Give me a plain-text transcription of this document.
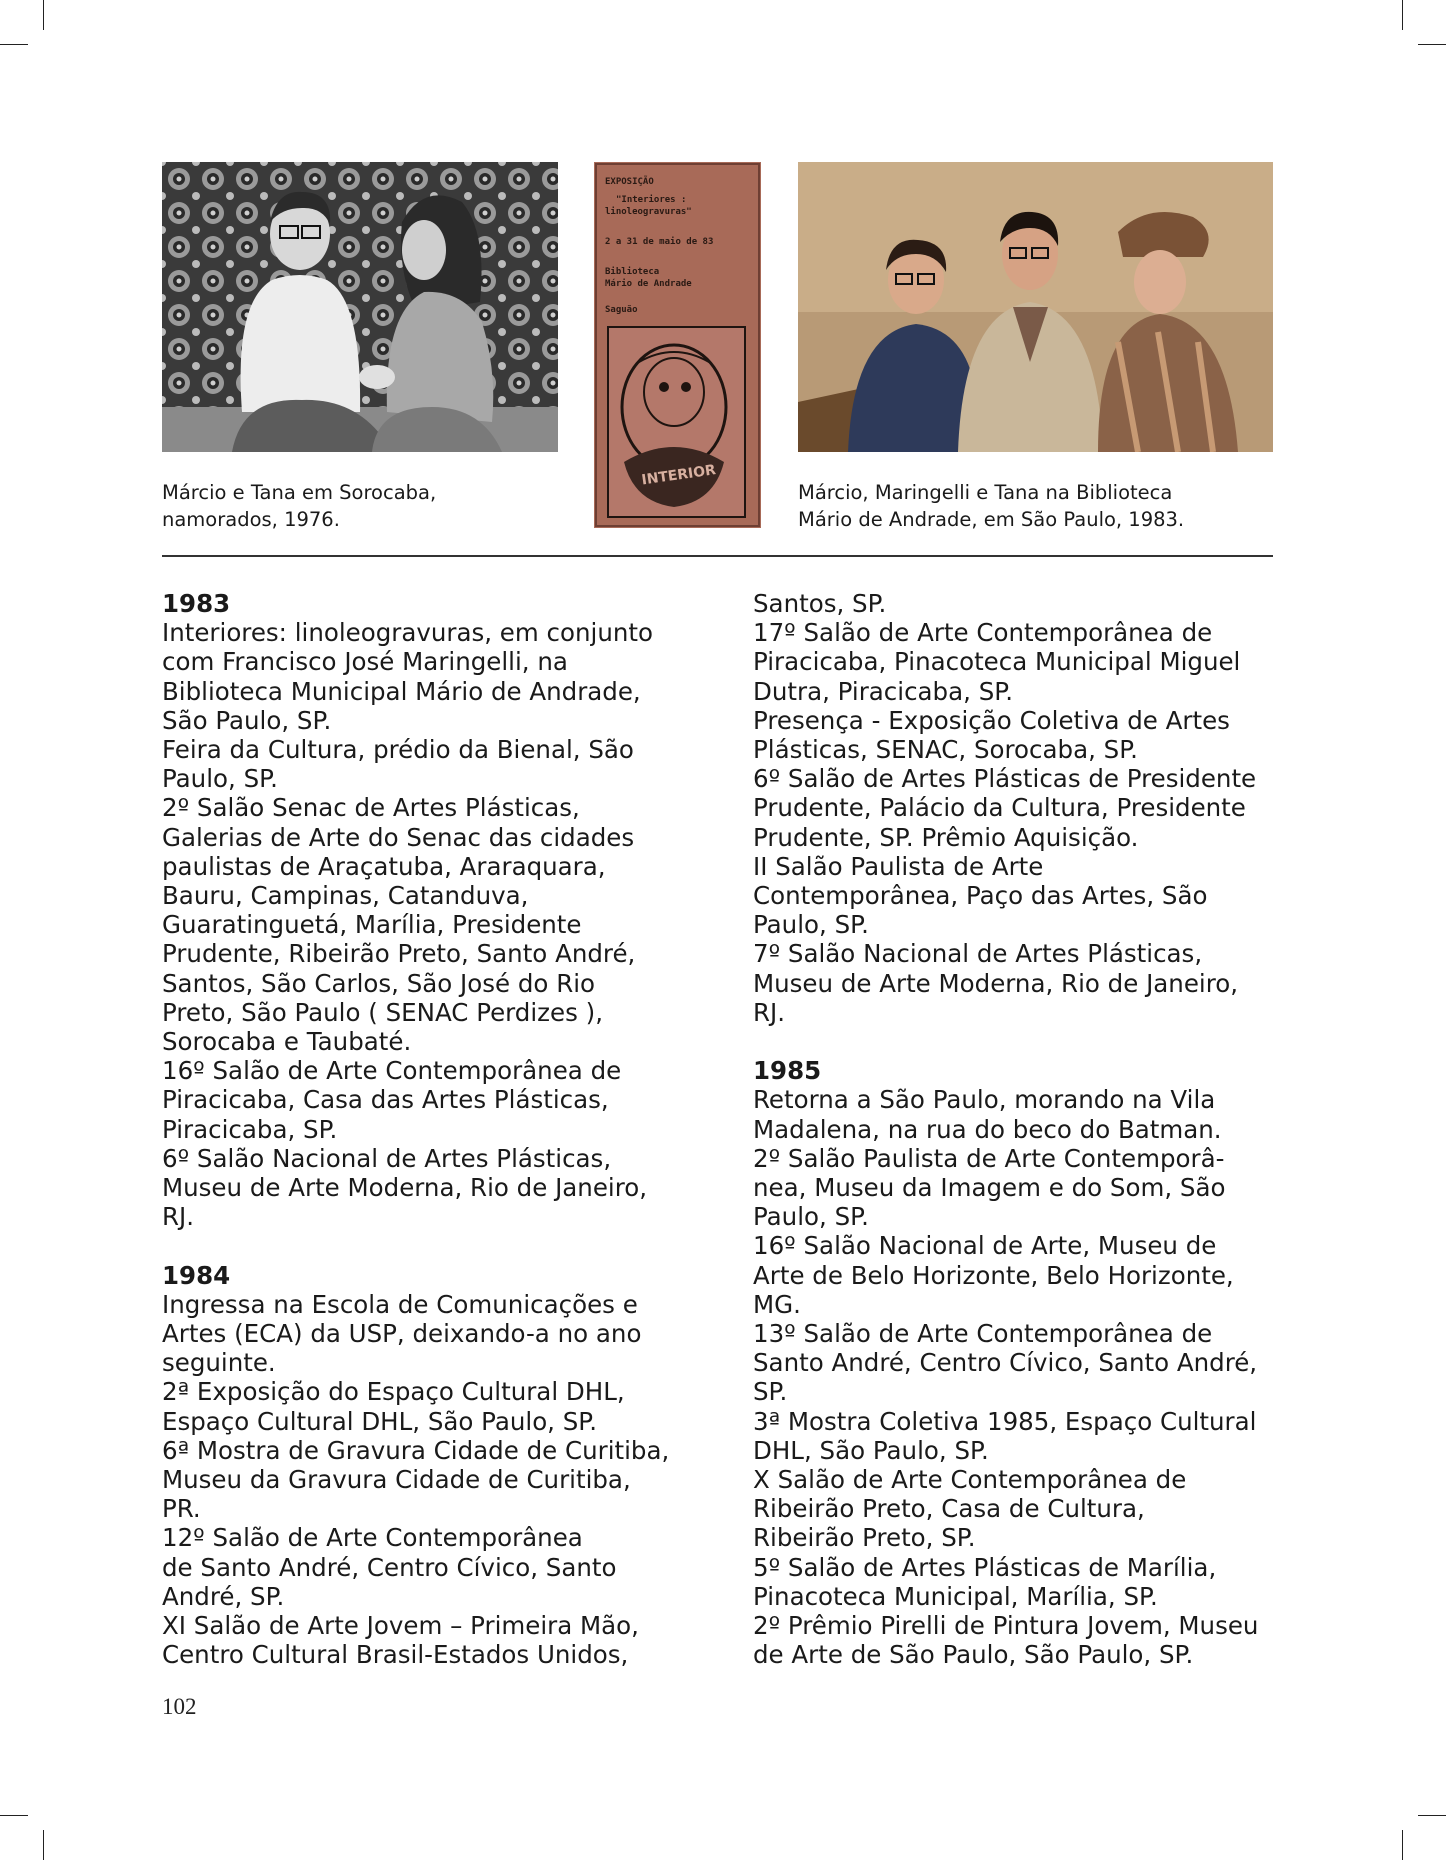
EXPOSIÇÃO
"Interiores :
linoleogravuras"
2 a 31 de maio de 83
Biblioteca
Mário de Andrade
Saguão
INTERIOR
Márcio e Tana em Sorocaba,
namorados, 1976.
Márcio, Maringelli e Tana na Biblioteca
Mário de Andrade, em São Paulo, 1983.
1983
Interiores: linoleogravuras, em conjunto
com Francisco José Maringelli, na
Biblioteca Municipal Mário de Andrade,
São Paulo, SP.
Feira da Cultura, prédio da Bienal, São
Paulo, SP.
2º Salão Senac de Artes Plásticas,
Galerias de Arte do Senac das cidades
paulistas de Araçatuba, Araraquara,
Bauru, Campinas, Catanduva,
Guaratinguetá, Marília, Presidente
Prudente, Ribeirão Preto, Santo André,
Santos, São Carlos, São José do Rio
Preto, São Paulo ( SENAC Perdizes ),
Sorocaba e Taubaté.
16º Salão de Arte Contemporânea de
Piracicaba, Casa das Artes Plásticas,
Piracicaba, SP.
6º Salão Nacional de Artes Plásticas,
Museu de Arte Moderna, Rio de Janeiro,
RJ.
1984
Ingressa na Escola de Comunicações e
Artes (ECA) da USP, deixando-a no ano
seguinte.
2ª Exposição do Espaço Cultural DHL,
Espaço Cultural DHL, São Paulo, SP.
6ª Mostra de Gravura Cidade de Curitiba,
Museu da Gravura Cidade de Curitiba,
PR.
12º Salão de Arte Contemporânea
de Santo André, Centro Cívico, Santo
André, SP.
XI Salão de Arte Jovem – Primeira Mão,
Centro Cultural Brasil-Estados Unidos,
Santos, SP.
17º Salão de Arte Contemporânea de
Piracicaba, Pinacoteca Municipal Miguel
Dutra, Piracicaba, SP.
Presença - Exposição Coletiva de Artes
Plásticas, SENAC, Sorocaba, SP.
6º Salão de Artes Plásticas de Presidente
Prudente, Palácio da Cultura, Presidente
Prudente, SP. Prêmio Aquisição.
II Salão Paulista de Arte
Contemporânea, Paço das Artes, São
Paulo, SP.
7º Salão Nacional de Artes Plásticas,
Museu de Arte Moderna, Rio de Janeiro,
RJ.
1985
Retorna a São Paulo, morando na Vila
Madalena, na rua do beco do Batman.
2º Salão Paulista de Arte Contemporâ-
nea, Museu da Imagem e do Som, São
Paulo, SP.
16º Salão Nacional de Arte, Museu de
Arte de Belo Horizonte, Belo Horizonte,
MG.
13º Salão de Arte Contemporânea de
Santo André, Centro Cívico, Santo André,
SP.
3ª Mostra Coletiva 1985, Espaço Cultural
DHL, São Paulo, SP.
X Salão de Arte Contemporânea de
Ribeirão Preto, Casa de Cultura,
Ribeirão Preto, SP.
5º Salão de Artes Plásticas de Marília,
Pinacoteca Municipal, Marília, SP.
2º Prêmio Pirelli de Pintura Jovem, Museu
de Arte de São Paulo, São Paulo, SP.
102
